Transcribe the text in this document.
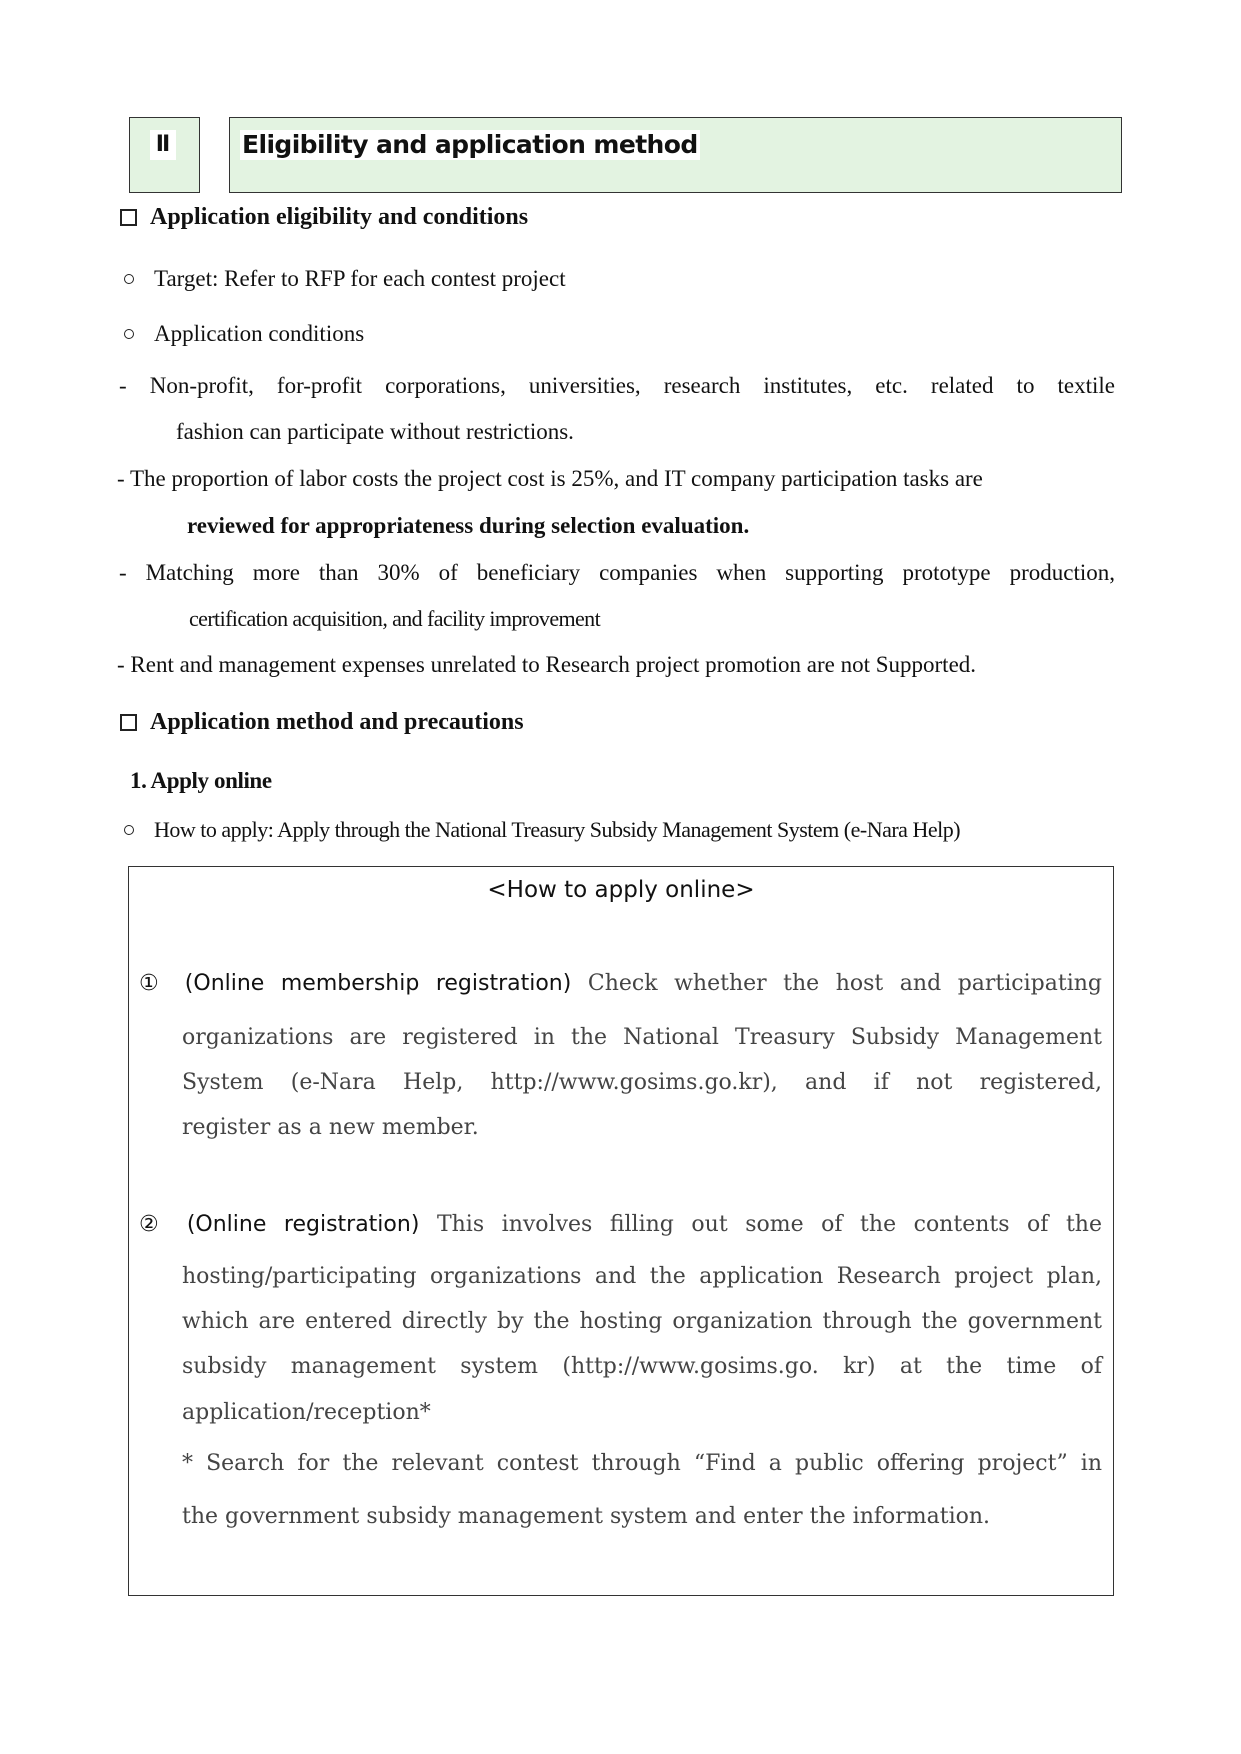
Ⅱ	Eligibility and application method
Application eligibility and conditions
Target: Refer to RFP for each contest project
Application conditions
- Non-profit, for-profit corporations, universities, research institutes, etc. related to textile
fashion can participate without restrictions.
- The proportion of labor costs the project cost is 25%, and IT company participation tasks are
reviewed for appropriateness during selection evaluation.
- Matching more than 30% of beneficiary companies when supporting prototype production,
certification acquisition, and facility improvement
- Rent and management expenses unrelated to Research project promotion are not Supported.
Application method and precautions
1. Apply online
How to apply: Apply through the National Treasury Subsidy Management System (e-Nara Help)
<How to apply online>
① (Online membership registration) Check whether the host and participating
organizations are registered in the National Treasury Subsidy Management
System (e-Nara Help, http://www.gosims.go.kr), and if not registered,
register as a new member.
② (Online registration) This involves filling out some of the contents of the
hosting/participating organizations and the application Research project plan,
which are entered directly by the hosting organization through the government
subsidy management system (http://www.gosims.go. kr) at the time of
application/reception*
* Search for the relevant contest through “Find a public offering project” in
the government subsidy management system and enter the information.
